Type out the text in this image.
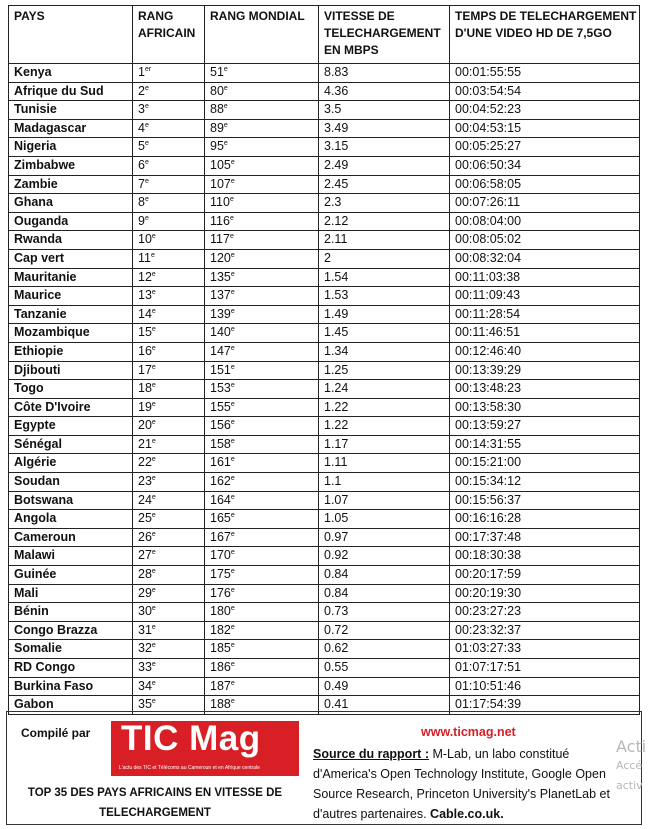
PAYS	RANG AFRICAIN	RANG MONDIAL	VITESSE DE TELECHARGEMENT EN MBPS	TEMPS DE TELECHARGEMENT D'UNE VIDEO HD DE 7,5GO
Kenya	1er	51e	8.83	00:01:55:55
Afrique du Sud	2e	80e	4.36	00:03:54:54
Tunisie	3e	88e	3.5	00:04:52:23
Madagascar	4e	89e	3.49	00:04:53:15
Nigeria	5e	95e	3.15	00:05:25:27
Zimbabwe	6e	105e	2.49	00:06:50:34
Zambie	7e	107e	2.45	00:06:58:05
Ghana	8e	110e	2.3	00:07:26:11
Ouganda	9e	116e	2.12	00:08:04:00
Rwanda	10e	117e	2.11	00:08:05:02
Cap vert	11e	120e	2	00:08:32:04
Mauritanie	12e	135e	1.54	00:11:03:38
Maurice	13e	137e	1.53	00:11:09:43
Tanzanie	14e	139e	1.49	00:11:28:54
Mozambique	15e	140e	1.45	00:11:46:51
Ethiopie	16e	147e	1.34	00:12:46:40
Djibouti	17e	151e	1.25	00:13:39:29
Togo	18e	153e	1.24	00:13:48:23
Côte D'Ivoire	19e	155e	1.22	00:13:58:30
Egypte	20e	156e	1.22	00:13:59:27
Sénégal	21e	158e	1.17	00:14:31:55
Algérie	22e	161e	1.11	00:15:21:00
Soudan	23e	162e	1.1	00:15:34:12
Botswana	24e	164e	1.07	00:15:56:37
Angola	25e	165e	1.05	00:16:16:28
Cameroun	26e	167e	0.97	00:17:37:48
Malawi	27e	170e	0.92	00:18:30:38
Guinée	28e	175e	0.84	00:20:17:59
Mali	29e	176e	0.84	00:20:19:30
Bénin	30e	180e	0.73	00:23:27:23
Congo Brazza	31e	182e	0.72	00:23:32:37
Somalie	32e	185e	0.62	01:03:27:33
RD Congo	33e	186e	0.55	01:07:17:51
Burkina Faso	34e	187e	0.49	01:10:51:46
Gabon	35e	188e	0.41	01:17:54:39
Compilé par TIC Mag
L'actu des TIC et Télécoms au Cameroun et en Afrique centrale
TOP 35 DES PAYS AFRICAINS EN VITESSE DE TELECHARGEMENT
www.ticmag.net
Source du rapport : M-Lab, un labo constitué d'America's Open Technology Institute, Google Open Source Research, Princeton University's PlanetLab et d'autres partenaires. Cable.co.uk.
Acti
Accé
activ
